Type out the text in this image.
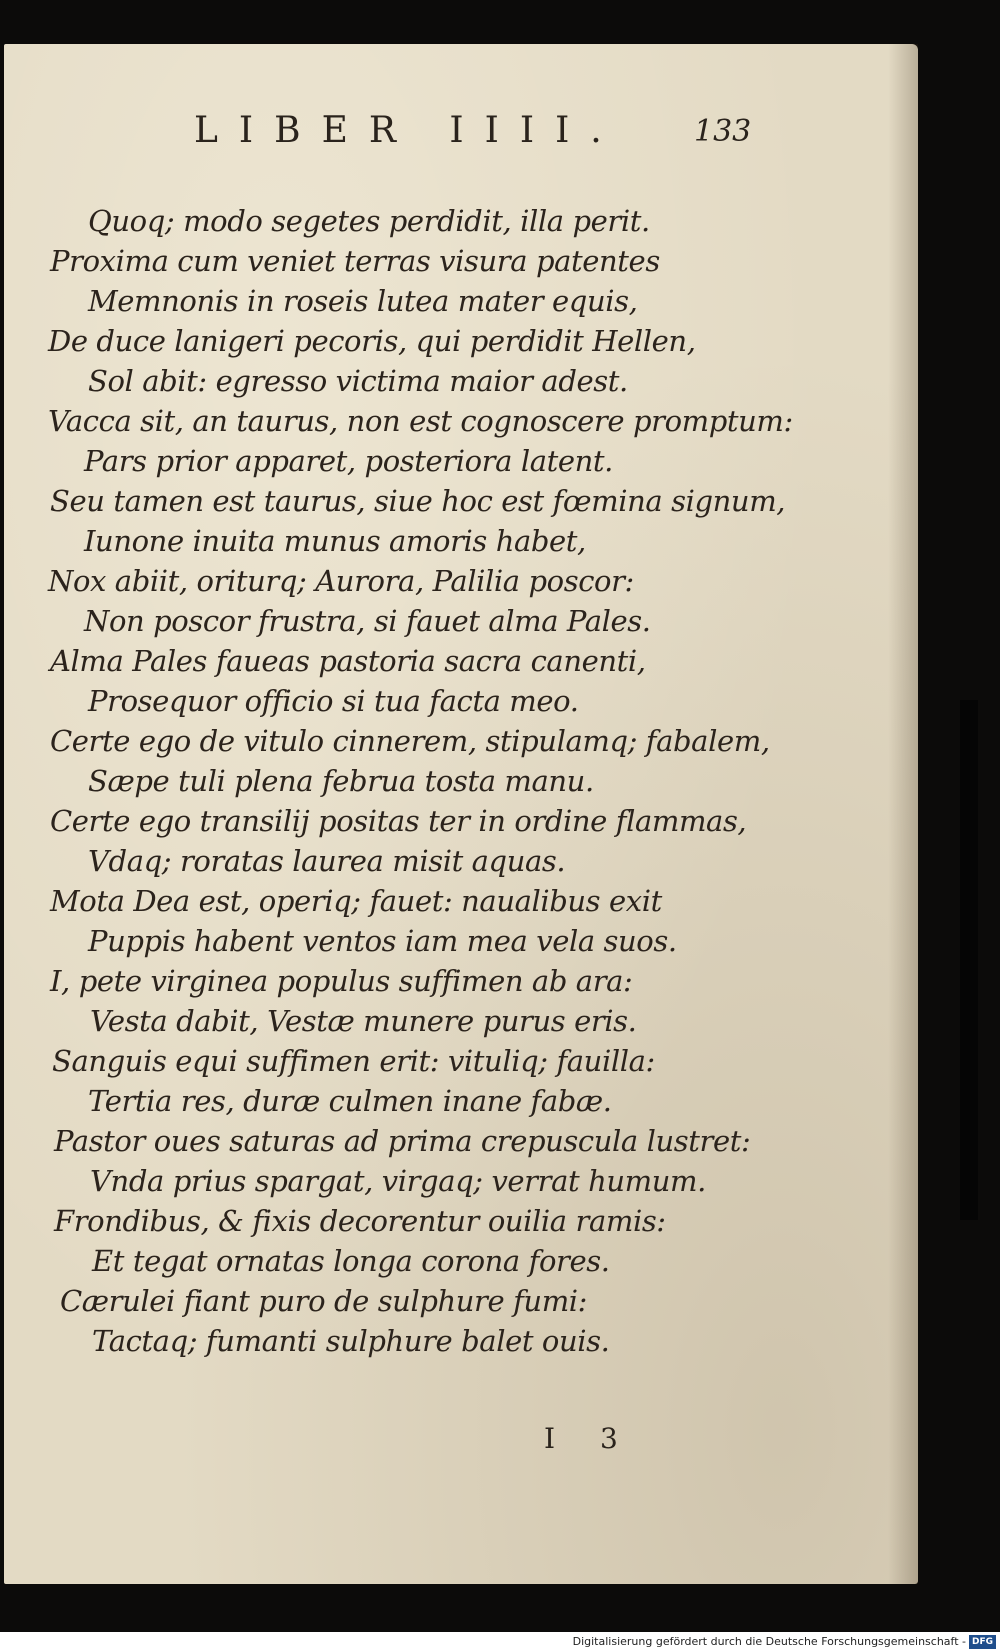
LIBER IIII. 133
Quoq; modo segetes perdidit, illa perit.
Proxima cum veniet terras visura patentes
Memnonis in roseis lutea mater equis,
De duce lanigeri pecoris, qui perdidit Hellen,
Sol abit: egresso victima maior adest.
Vacca sit, an taurus, non est cognoscere promptum:
Pars prior apparet, posteriora latent.
Seu tamen est taurus, siue hoc est fœmina signum,
Iunone inuita munus amoris habet,
Nox abiit, oriturq; Aurora, Palilia poscor:
Non poscor frustra, si fauet alma Pales.
Alma Pales faueas pastoria sacra canenti,
Prosequor officio si tua facta meo.
Certe ego de vitulo cinnerem, stipulamq; fabalem,
Sæpe tuli plena februa tosta manu.
Certe ego transilij positas ter in ordine flammas,
Vdaq; roratas laurea misit aquas.
Mota Dea est, operiq; fauet: naualibus exit
Puppis habent ventos iam mea vela suos.
I, pete virginea populus suffimen ab ara:
Vesta dabit, Vestæ munere purus eris.
Sanguis equi suffimen erit: vituliq; fauilla:
Tertia res, duræ culmen inane fabæ.
Pastor oues saturas ad prima crepuscula lustret:
Vnda prius spargat, virgaq; verrat humum.
Frondibus, & fixis decorentur ouilia ramis:
Et tegat ornatas longa corona fores.
Cærulei fiant puro de sulphure fumi:
Tactaq; fumanti sulphure balet ouis.
I 3
Digitalisierung gefördert durch die Deutsche Forschungsgemeinschaft - DFG
